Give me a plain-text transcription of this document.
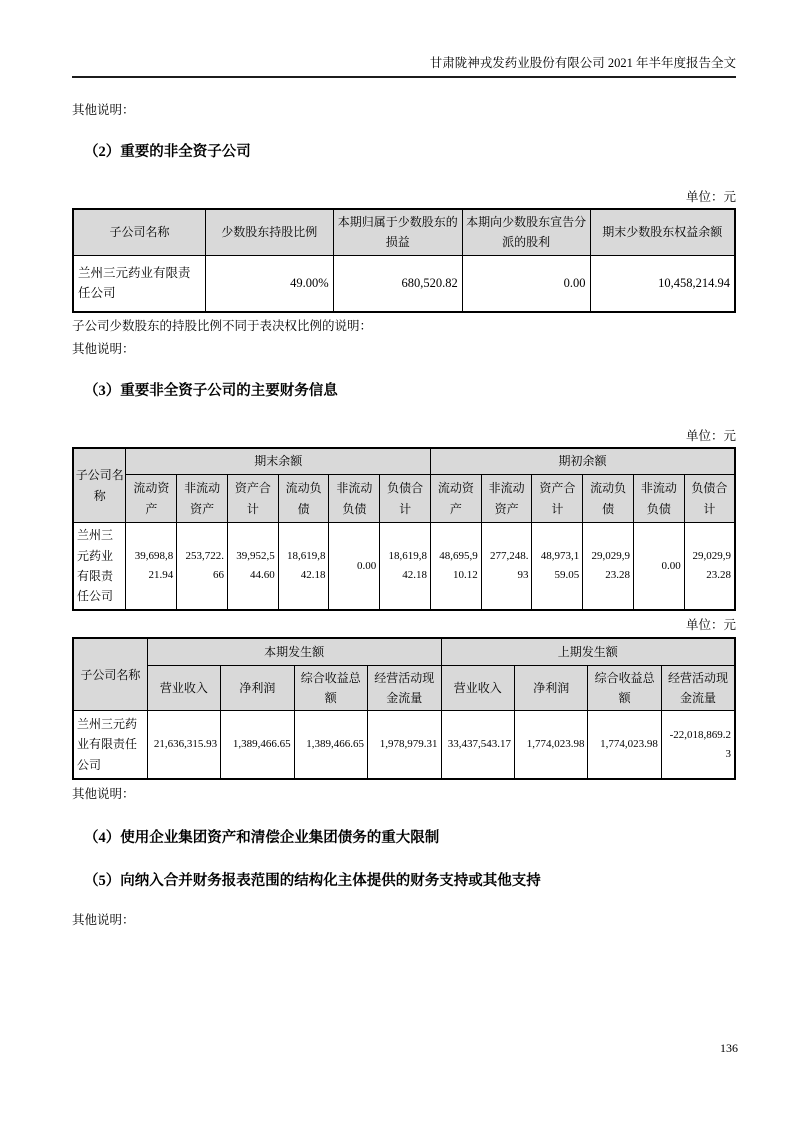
甘肃陇神戎发药业股份有限公司 2021 年半年度报告全文

其他说明：

（2）重要的非全资子公司
单位：元
子公司名称	少数股东持股比例	本期归属于少数股东的损益	本期向少数股东宣告分派的股利	期末少数股东权益余额
兰州三元药业有限责任公司	49.00%	680,520.82	0.00	10,458,214.94

子公司少数股东的持股比例不同于表决权比例的说明：

其他说明：

（3）重要非全资子公司的主要财务信息
单位：元
子公司名称	期末余额						期初余额					
	流动资产	非流动资产	资产合计	流动负债	非流动负债	负债合计	流动资产	非流动资产	资产合计	流动负债	非流动负债	负债合计
兰州三元药业有限责任公司	39,698,821.94	253,722.66	39,952,544.60	18,619,842.18	0.00	18,619,842.18	48,695,910.12	277,248.93	48,973,159.05	29,029,923.28	0.00	29,029,923.28
单位：元
子公司名称	本期发生额				上期发生额			
	营业收入	净利润	综合收益总额	经营活动现金流量	营业收入	净利润	综合收益总额	经营活动现金流量
兰州三元药业有限责任公司	21,636,315.93	1,389,466.65	1,389,466.65	1,978,979.31	33,437,543.17	1,774,023.98	1,774,023.98	-22,018,869.23

其他说明：

（4）使用企业集团资产和清偿企业集团债务的重大限制
（5）向纳入合并财务报表范围的结构化主体提供的财务支持或其他支持

其他说明：

136
